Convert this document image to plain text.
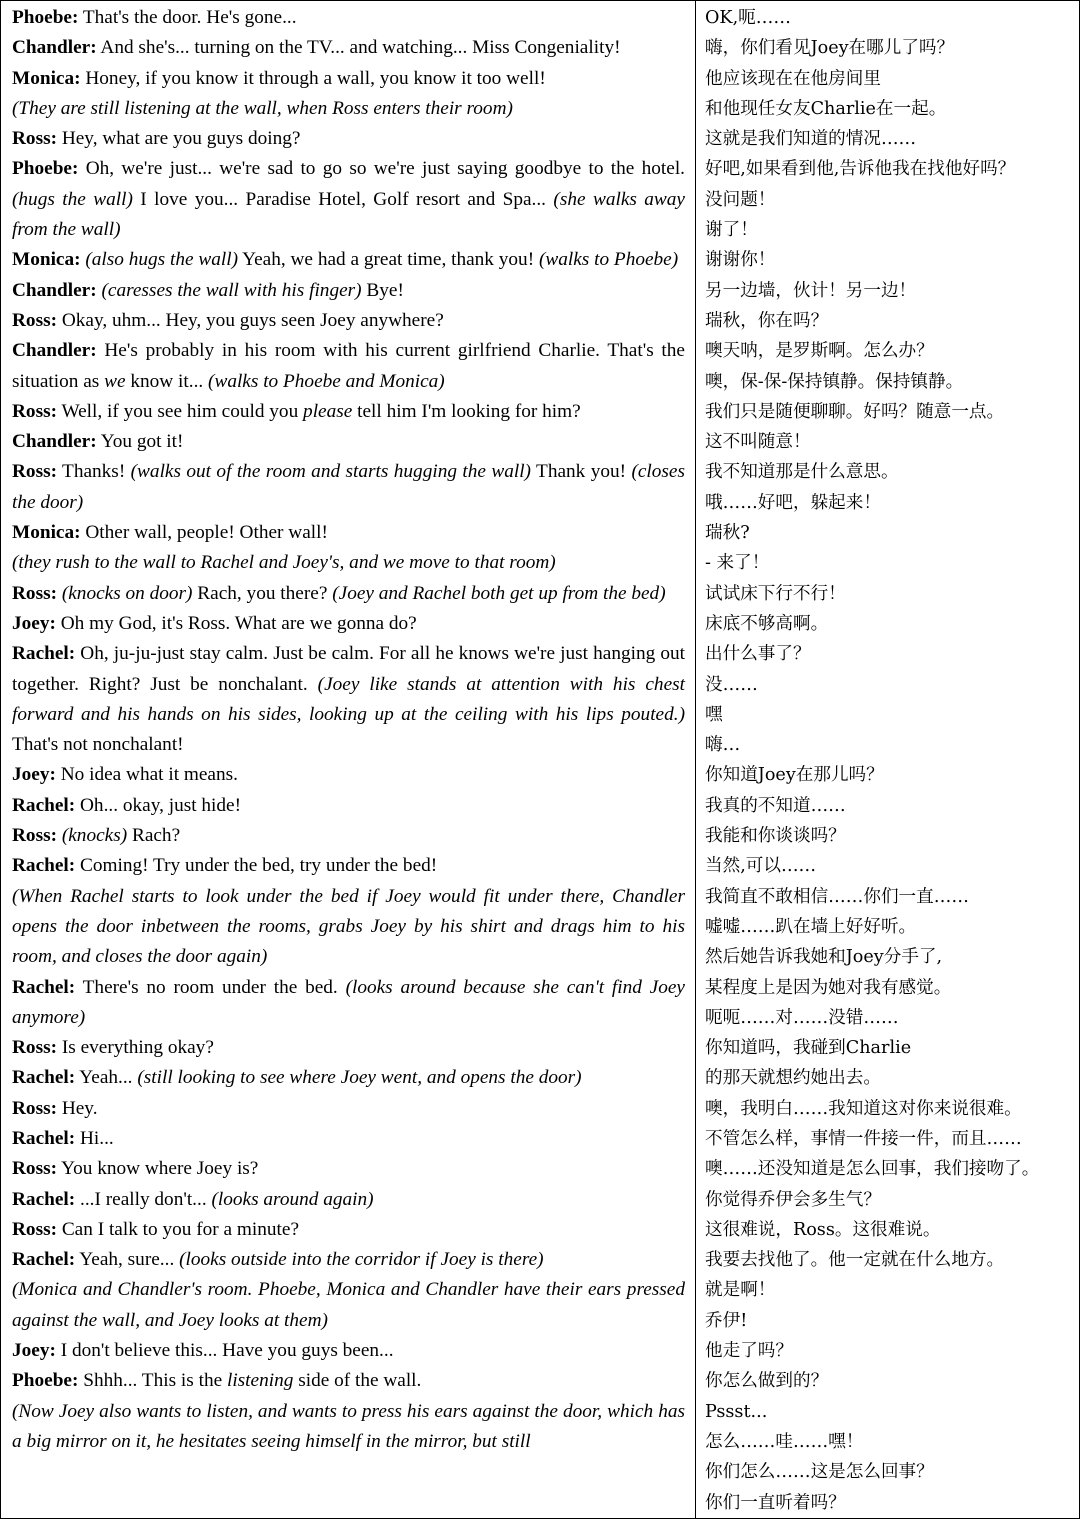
Phoebe: That's the door. He's gone...

Chandler: And she's... turning on the TV... and watching... Miss Congeniality!

Monica: Honey, if you know it through a wall, you know it too well!

(They are still listening at the wall, when Ross enters their room)

Ross: Hey, what are you guys doing?

Phoebe: Oh, we're just... we're sad to go so we're just saying goodbye to the hotel. (hugs the wall) I love you... Paradise Hotel, Golf resort and Spa... (she walks away from the wall)

Monica: (also hugs the wall) Yeah, we had a great time, thank you! (walks to Phoebe)

Chandler: (caresses the wall with his finger) Bye!

Ross: Okay, uhm... Hey, you guys seen Joey anywhere?

Chandler: He's probably in his room with his current girlfriend Charlie. That's the situation as we know it... (walks to Phoebe and Monica)

Ross: Well, if you see him could you please tell him I'm looking for him?

Chandler: You got it!

Ross: Thanks! (walks out of the room and starts hugging the wall) Thank you! (closes the door)

Monica: Other wall, people! Other wall!

(they rush to the wall to Rachel and Joey's, and we move to that room)

Ross: (knocks on door) Rach, you there? (Joey and Rachel both get up from the bed)

Joey: Oh my God, it's Ross. What are we gonna do?

Rachel: Oh, ju-ju-just stay calm. Just be calm. For all he knows we're just hanging out together. Right? Just be nonchalant. (Joey like stands at attention with his chest forward and his hands on his sides, looking up at the ceiling with his lips pouted.) That's not nonchalant!

Joey: No idea what it means.

Rachel: Oh... okay, just hide!

Ross: (knocks) Rach?

Rachel: Coming! Try under the bed, try under the bed!

(When Rachel starts to look under the bed if Joey would fit under there, Chandler opens the door inbetween the rooms, grabs Joey by his shirt and drags him to his room, and closes the door again)

Rachel: There's no room under the bed. (looks around because she can't find Joey anymore)

Ross: Is everything okay?

Rachel: Yeah... (still looking to see where Joey went, and opens the door)

Ross: Hey.

Rachel: Hi...

Ross: You know where Joey is?

Rachel: ...I really don't... (looks around again)

Ross: Can I talk to you for a minute?

Rachel: Yeah, sure... (looks outside into the corridor if Joey is there)

(Monica and Chandler's room. Phoebe, Monica and Chandler have their ears pressed against the wall, and Joey looks at them)

Joey: I don't believe this... Have you guys been...

Phoebe: Shhh... This is the listening side of the wall.

(Now Joey also wants to listen, and wants to press his ears against the door, which has a big mirror on it, he hesitates seeing himself in the mirror, but still

OK,呃……
嗨，你们看见Joey在哪儿了吗？
他应该现在在他房间里
和他现任女友Charlie在一起。
这就是我们知道的情况……
好吧,如果看到他,告诉他我在找他好吗？
没问题！
谢了！
谢谢你！
另一边墙，伙计！另一边！
瑞秋，你在吗？
噢天呐，是罗斯啊。怎么办？
噢，保-保-保持镇静。保持镇静。
我们只是随便聊聊。好吗？随意一点。
这不叫随意！
我不知道那是什么意思。
哦……好吧，躲起来！
瑞秋?
- 来了！
试试床下行不行！
床底不够高啊。
出什么事了？
没……
嘿
嗨…
你知道Joey在那儿吗？
我真的不知道……
我能和你谈谈吗？
当然,可以……
我简直不敢相信……你们一直……
嘘嘘……趴在墙上好好听。
然后她告诉我她和Joey分手了,
某程度上是因为她对我有感觉。
呃呃……对……没错……
你知道吗，我碰到Charlie
的那天就想约她出去。
噢，我明白……我知道这对你来说很难。
不管怎么样，事情一件接一件，而且……
噢……还没知道是怎么回事，我们接吻了。
你觉得乔伊会多生气？
这很难说，Ross。这很难说。
我要去找他了。他一定就在什么地方。
就是啊！
乔伊!
他走了吗？
你怎么做到的？
Pssst...
怎么……哇……嘿！
你们怎么……这是怎么回事？
你们一直听着吗？
